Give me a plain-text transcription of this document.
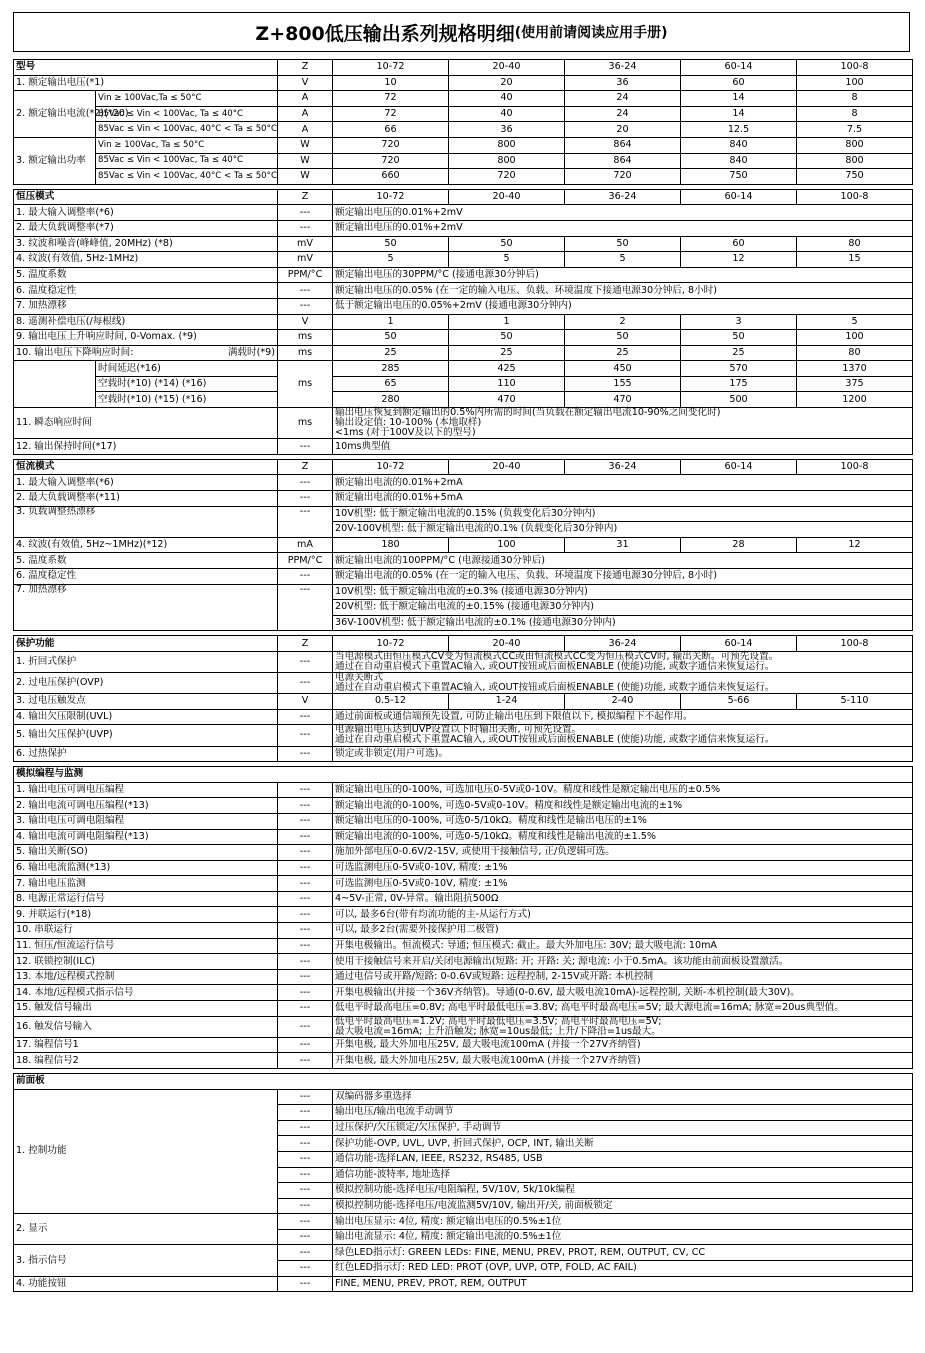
Z+800低压输出系列规格明细 (使用前请阅读应用手册)
型号		Z	10-72	20-40	36-24	60-14	100-8
1. 额定输出电压(*1)		V	10	20	36	60	100
2. 额定输出电流(*2)(*20)	Vin ≥ 100Vac,Ta ≤ 50°C	A	72	40	24	14	8
	85Vac ≤ Vin < 100Vac, Ta ≤ 40°C	A	72	40	24	14	8
	85Vac ≤ Vin < 100Vac, 40°C < Ta ≤ 50°C	A	66	36	20	12.5	7.5
3. 额定输出功率	Vin ≥ 100Vac, Ta ≤ 50°C	W	720	800	864	840	800
	85Vac ≤ Vin < 100Vac, Ta ≤ 40°C	W	720	800	864	840	800
	85Vac ≤ Vin < 100Vac, 40°C < Ta ≤ 50°C	W	660	720	720	750	750

恒压模式		Z	10-72	20-40	36-24	60-14	100-8
1. 最大输入调整率(*6)		---	额定输出电压的0.01%+2mV				
2. 最大负载调整率(*7)		---	额定输出电压的0.01%+2mV				
3. 纹波和噪音(峰峰值, 20MHz) (*8)		mV	50	50	50	60	80
4. 纹波(有效值, 5Hz-1MHz)		mV	5	5	5	12	15
5. 温度系数		PPM/°C	额定输出电压的30PPM/°C (接通电源30分钟后)				
6. 温度稳定性		---	额定输出电压的0.05% (在一定的输入电压、负载、环境温度下接通电源30分钟后, 8小时)				
7. 加热漂移		---	低于额定输出电压的0.05%+2mV (接通电源30分钟内)				
8. 遥测补偿电压(/每根线)		V	1	1	2	3	5
9. 输出电压上升响应时间, 0-Vomax. (*9)		ms	50	50	50	50	100
10. 输出电压下降响应时间: 满载时(*9)		ms	25	25	25	25	80
	时间延迟(*16)	ms	285	425	450	570	1370
	空载时(*10) (*14) (*16)		65	110	155	175	375
	空载时(*10) (*15) (*16)		280	470	470	500	1200
11. 瞬态响应时间		ms	输出电压恢复到额定输出的0.5%内所需的时间(当负载在额定输出电流10-90%之间变化时)
输出设定值: 10-100% (本地取样)
<1ms (对于100V及以下的型号)				

12. 输出保持时间(*17)		---	10ms典型值				

恒流模式		Z	10-72	20-40	36-24	60-14	100-8
1. 最大输入调整率(*6)		---	额定输出电流的0.01%+2mA				
2. 最大负载调整率(*11)		---	额定输出电流的0.01%+5mA				
3. 负载调整热漂移		---	10V机型: 低于额定输出电流的0.15% (负载变化后30分钟内)				
			20V-100V机型: 低于额定输出电流的0.1% (负载变化后30分钟内)				
4. 纹波(有效值, 5Hz~1MHz)(*12)		mA	180	100	31	28	12
5. 温度系数		PPM/°C	额定输出电流的100PPM/°C (电源接通30分钟后)				
6. 温度稳定性		---	额定输出电流的0.05% (在一定的输入电压、负载、环境温度下接通电源30分钟后, 8小时)				
7. 加热漂移		---	10V机型: 低于额定输出电流的±0.3% (接通电源30分钟内)				
			20V机型: 低于额定输出电流的±0.15% (接通电源30分钟内)				
			36V-100V机型: 低于额定输出电流的±0.1% (接通电源30分钟内)				

保护功能		Z	10-72	20-40	36-24	60-14	100-8
1. 折回式保护		---	当电源模式由恒压模式CV变为恒流模式CC或由恒流模式CC变为恒压模式CV时, 输出关断。可预先设置。
通过在自动重启模式下重置AC输入, 或OUT按钮或后面板ENABLE (使能)功能, 或数字通信来恢复运行。				

2. 过电压保护(OVP)		---	电源关断式
通过在自动重启模式下重置AC输入, 或OUT按钮或后面板ENABLE (使能)功能, 或数字通信来恢复运行。				

3. 过电压触发点		V	0.5-12	1-24	2-40	5-66	5-110
4. 输出欠压限制(UVL)		---	通过前面板或通信端预先设置, 可防止输出电压到下限值以下, 模拟编程下不起作用。				
5. 输出欠压保护(UVP)		---	电源输出电压达到UVP设置以下时输出关断, 可预先设置。
通过在自动重启模式下重置AC输入, 或OUT按钮或后面板ENABLE (使能)功能, 或数字通信来恢复运行。				

6. 过热保护		---	锁定或非锁定(用户可选)。				

模拟编程与监测							
1. 输出电压可调电压编程		---	额定输出电压的0-100%, 可选加电压0-5V或0-10V。精度和线性是额定输出电压的±0.5%				
2. 输出电流可调电压编程(*13)		---	额定输出电流的0-100%, 可选0-5V或0-10V。精度和线性是额定输出电流的±1%				
3. 输出电压可调电阻编程		---	额定输出电压的0-100%, 可选0-5/10kΩ。精度和线性是输出电压的±1%				
4. 输出电流可调电阻编程(*13)		---	额定输出电流的0-100%, 可选0-5/10kΩ。精度和线性是输出电流的±1.5%				
5. 输出关断(SO)		---	施加外部电压0-0.6V/2-15V, 或使用干接触信号, 正/负逻辑可选。				
6. 输出电流监测(*13)		---	可选监测电压0-5V或0-10V, 精度: ±1%				
7. 输出电压监测		---	可选监测电压0-5V或0-10V, 精度: ±1%				
8. 电源正常运行信号		---	4~5V-正常, 0V-异常。输出阻抗500Ω				
9. 并联运行(*18)		---	可以, 最多6台(带有均流功能的主-从运行方式)				
10. 串联运行		---	可以, 最多2台(需要外接保护用二极管)				
11. 恒压/恒流运行信号		---	开集电极输出。恒流模式: 导通; 恒压模式: 截止。最大外加电压: 30V; 最大吸电流: 10mA				
12. 联锁控制(ILC)		---	使用干接触信号来开启/关闭电源输出(短路: 开; 开路: 关; 源电流: 小于0.5mA。该功能由前面板设置激活。				
13. 本地/远程模式控制		---	通过电信号或开路/短路: 0-0.6V或短路: 远程控制, 2-15V或开路: 本机控制				
14. 本地/远程模式指示信号		---	开集电极输出(并接一个36V齐纳管)。导通(0-0.6V, 最大吸电流10mA)-远程控制, 关断-本机控制(最大30V)。				
15. 触发信号输出		---	低电平时最高电压=0.8V; 高电平时最低电压=3.8V; 高电平时最高电压=5V; 最大源电流=16mA; 脉宽=20us典型值。				
16. 触发信号输入		---	低电平时最高电压=1.2V; 高电平时最低电压=3.5V; 高电平时最高电压=5V;
最大吸电流=16mA; 上升沿触发; 脉宽=10us最低; 上升/下降沿=1us最大。				

17. 编程信号1		---	开集电极, 最大外加电压25V, 最大吸电流100mA (并接一个27V齐纳管)				
18. 编程信号2		---	开集电极, 最大外加电压25V, 最大吸电流100mA (并接一个27V齐纳管)				

前面板							
1. 控制功能		---	双编码器多重选择				
		---	输出电压/输出电流手动调节				
		---	过压保护/欠压锁定/欠压保护, 手动调节				
		---	保护功能-OVP, UVL, UVP, 折回式保护, OCP, INT, 输出关断				
		---	通信功能-选择LAN, IEEE, RS232, RS485, USB				
		---	通信功能-波特率, 地址选择				
		---	模拟控制功能-选择电压/电阻编程, 5V/10V, 5k/10k编程				
		---	模拟控制功能-选择电压/电流监测5V/10V, 输出开/关, 前面板锁定				
2. 显示		---	输出电压显示: 4位, 精度: 额定输出电压的0.5%±1位				
		---	输出电流显示: 4位, 精度: 额定输出电流的0.5%±1位				
3. 指示信号		---	绿色LED指示灯: GREEN LEDs: FINE, MENU, PREV, PROT, REM, OUTPUT, CV, CC				
		---	红色LED指示灯: RED LED: PROT (OVP, UVP, OTP, FOLD, AC FAIL)				
4. 功能按钮		---	FINE, MENU, PREV, PROT, REM, OUTPUT				
